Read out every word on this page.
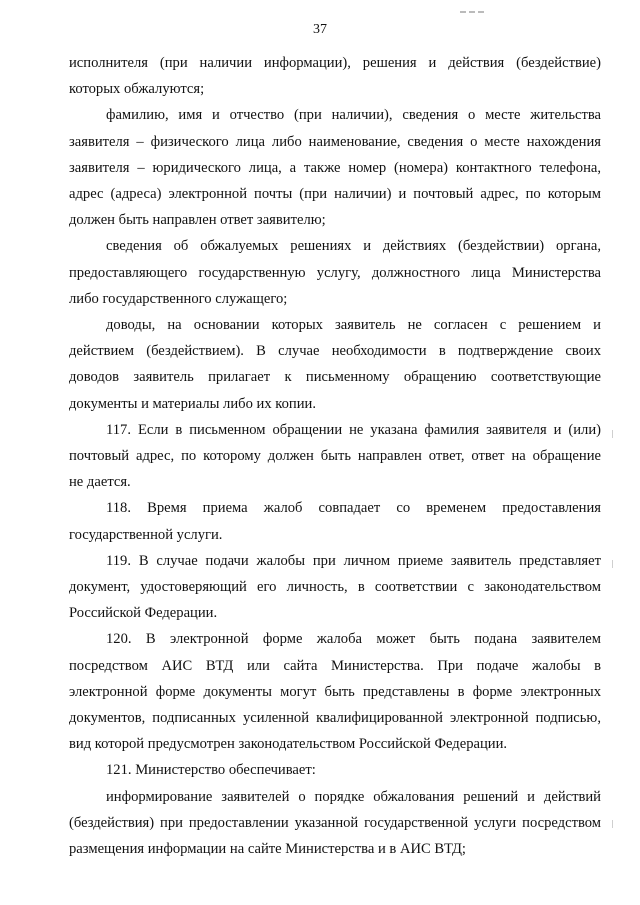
37
исполнителя (при наличии информации), решения и действия (бездействие)
которых обжалуются;
фамилию, имя и отчество (при наличии), сведения о месте жительства
заявителя – физического лица либо наименование, сведения о месте нахождения
заявителя – юридического лица, а также номер (номера) контактного телефона,
адрес (адреса) электронной почты (при наличии) и почтовый адрес, по которым
должен быть направлен ответ заявителю;
сведения об обжалуемых решениях и действиях (бездействии) органа,
предоставляющего государственную услугу, должностного лица Министерства
либо государственного служащего;
доводы, на основании которых заявитель не согласен с решением и
действием (бездействием). В случае необходимости в подтверждение своих
доводов заявитель прилагает к письменному обращению соответствующие
документы и материалы либо их копии.
117. Если в письменном обращении не указана фамилия заявителя и (или)
почтовый адрес, по которому должен быть направлен ответ, ответ на обращение
не дается.
118. Время приема жалоб совпадает со временем предоставления
государственной услуги.
119. В случае подачи жалобы при личном приеме заявитель представляет
документ, удостоверяющий его личность, в соответствии с законодательством
Российской Федерации.
120. В электронной форме жалоба может быть подана заявителем
посредством АИС ВТД или сайта Министерства. При подаче жалобы в
электронной форме документы могут быть представлены в форме электронных
документов, подписанных усиленной квалифицированной электронной подписью,
вид которой предусмотрен законодательством Российской Федерации.
121. Министерство обеспечивает:
информирование заявителей о порядке обжалования решений и действий
(бездействия) при предоставлении указанной государственной услуги посредством
размещения информации на сайте Министерства и в АИС ВТД;
